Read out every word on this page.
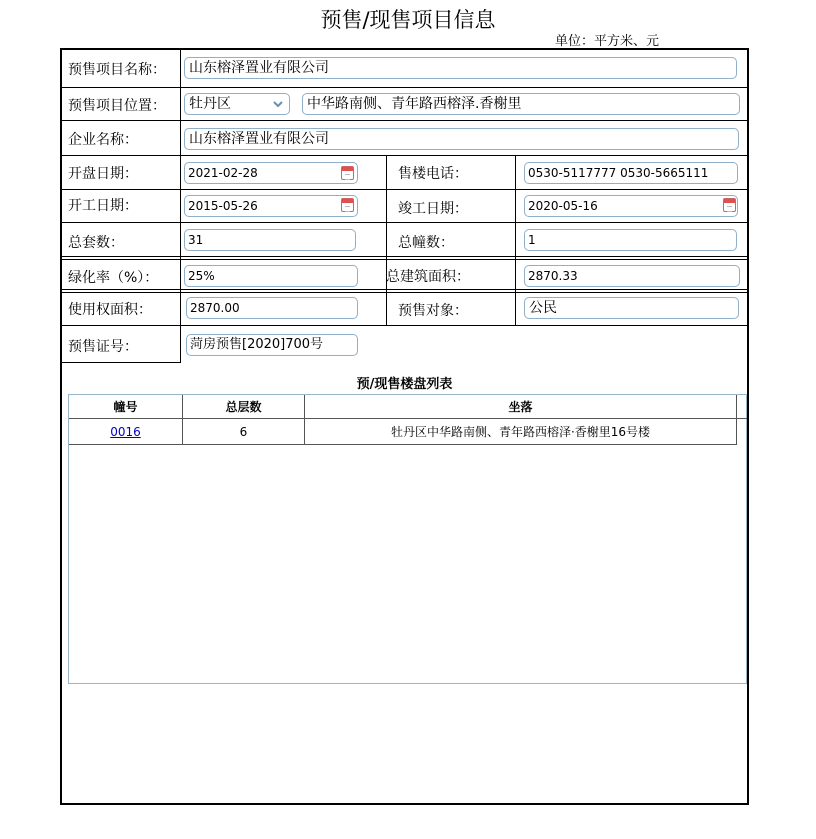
预售/现售项目信息
单位：平方米、元
预售项目名称：	山东榕泽置业有限公司
预售项目位置：	牡丹区	中华路南侧、青年路西榕泽.香榭里
企业名称：	山东榕泽置业有限公司
开盘日期：	2021-02-28	售楼电话：	0530-5117777 0530-5665111
开工日期：	2015-05-26	竣工日期：	2020-05-16
总套数：	31	总幢数：	1
绿化率（%）：	25%	总建筑面积：	2870.33
使用权面积：	2870.00	预售对象：	公民
预售证号：	菏房预售[2020]700号
预/现售楼盘列表
幢号	总层数	坐落
0016	6	牡丹区中华路南侧、青年路西榕泽·香榭里16号楼
